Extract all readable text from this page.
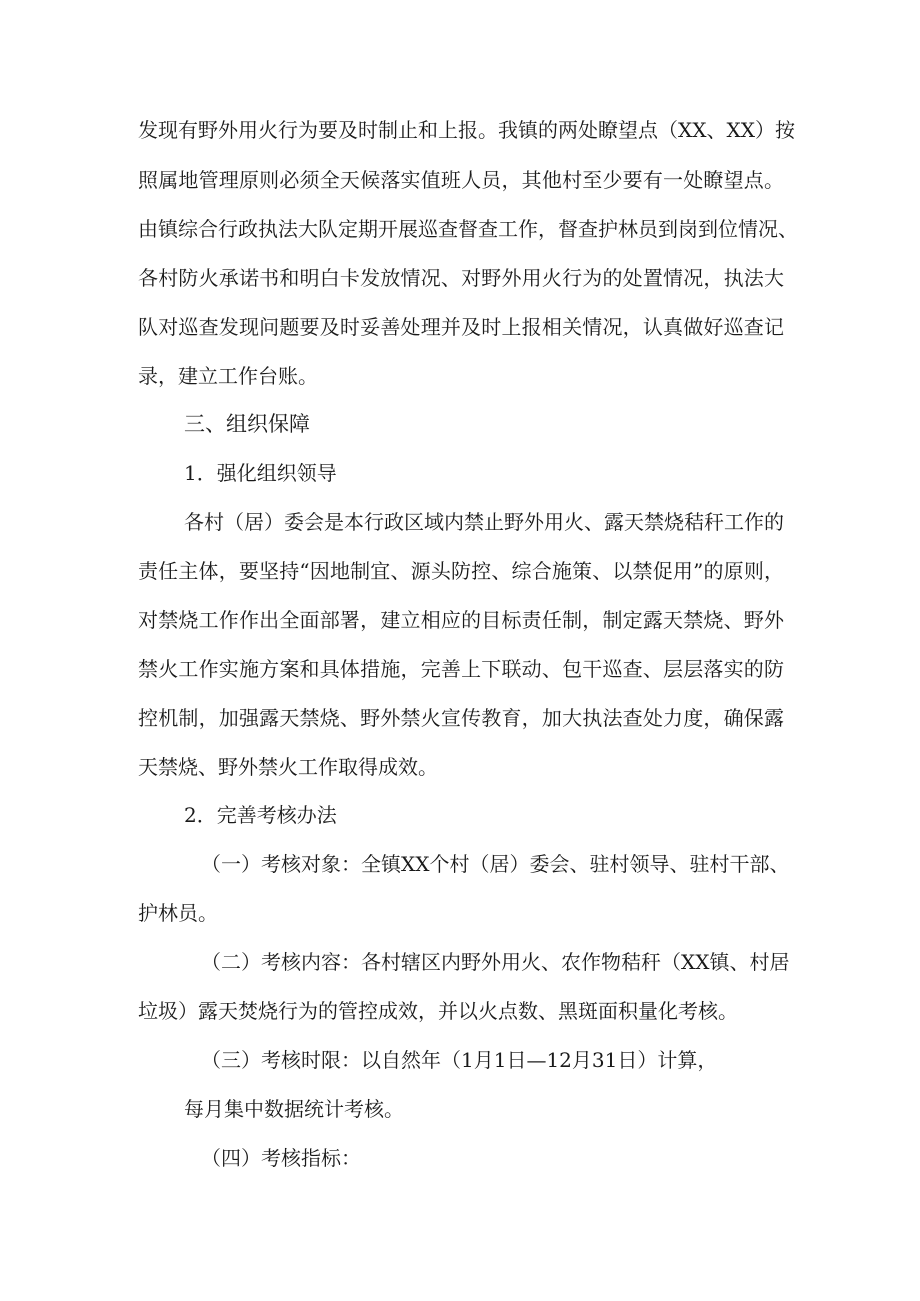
发现有野外用火行为要及时制止和上报。我镇的两处瞭望点（XX、XX）按
照属地管理原则必须全天候落实值班人员，其他村至少要有一处瞭望点。
由镇综合行政执法大队定期开展巡查督查工作，督查护林员到岗到位情况、
各村防火承诺书和明白卡发放情况、对野外用火行为的处置情况，执法大
队对巡查发现问题要及时妥善处理并及时上报相关情况，认真做好巡查记
录，建立工作台账。
三、组织保障
1．强化组织领导
各村（居）委会是本行政区域内禁止野外用火、露天禁烧秸秆工作的
责任主体，要坚持“因地制宜、源头防控、综合施策、以禁促用”的原则，
对禁烧工作作出全面部署，建立相应的目标责任制，制定露天禁烧、野外
禁火工作实施方案和具体措施，完善上下联动、包干巡查、层层落实的防
控机制，加强露天禁烧、野外禁火宣传教育，加大执法查处力度，确保露
天禁烧、野外禁火工作取得成效。
2．完善考核办法
（一）考核对象：全镇XX个村（居）委会、驻村领导、驻村干部、
护林员。
（二）考核内容：各村辖区内野外用火、农作物秸秆（XX镇、村居
垃圾）露天焚烧行为的管控成效，并以火点数、黑斑面积量化考核。
（三）考核时限：以自然年（1月1日—12月31日）计算，
每月集中数据统计考核。
（四）考核指标：
